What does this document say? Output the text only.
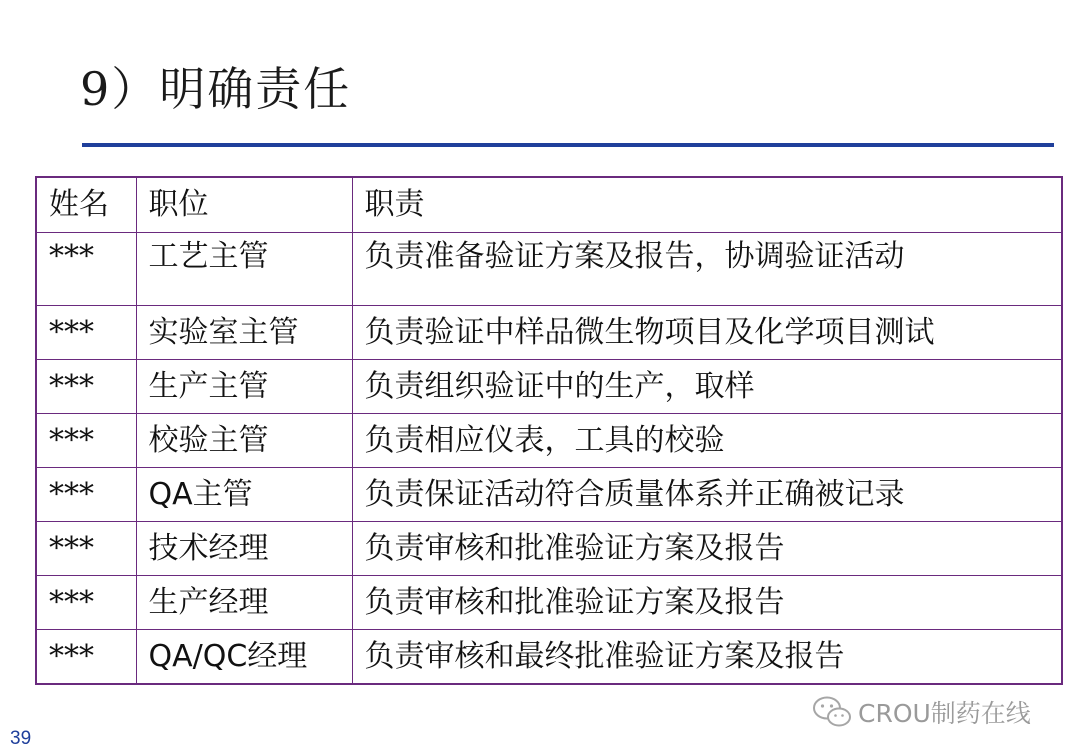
9）明确责任
姓名	职位	职责
***	工艺主管	负责准备验证方案及报告，协调验证活动
***	实验室主管	负责验证中样品微生物项目及化学项目测试
***	生产主管	负责组织验证中的生产，取样
***	校验主管	负责相应仪表，工具的校验
***	QA主管	负责保证活动符合质量体系并正确被记录
***	技术经理	负责审核和批准验证方案及报告
***	生产经理	负责审核和批准验证方案及报告
***	QA/QC经理	负责审核和最终批准验证方案及报告
CROU制药在线
39
